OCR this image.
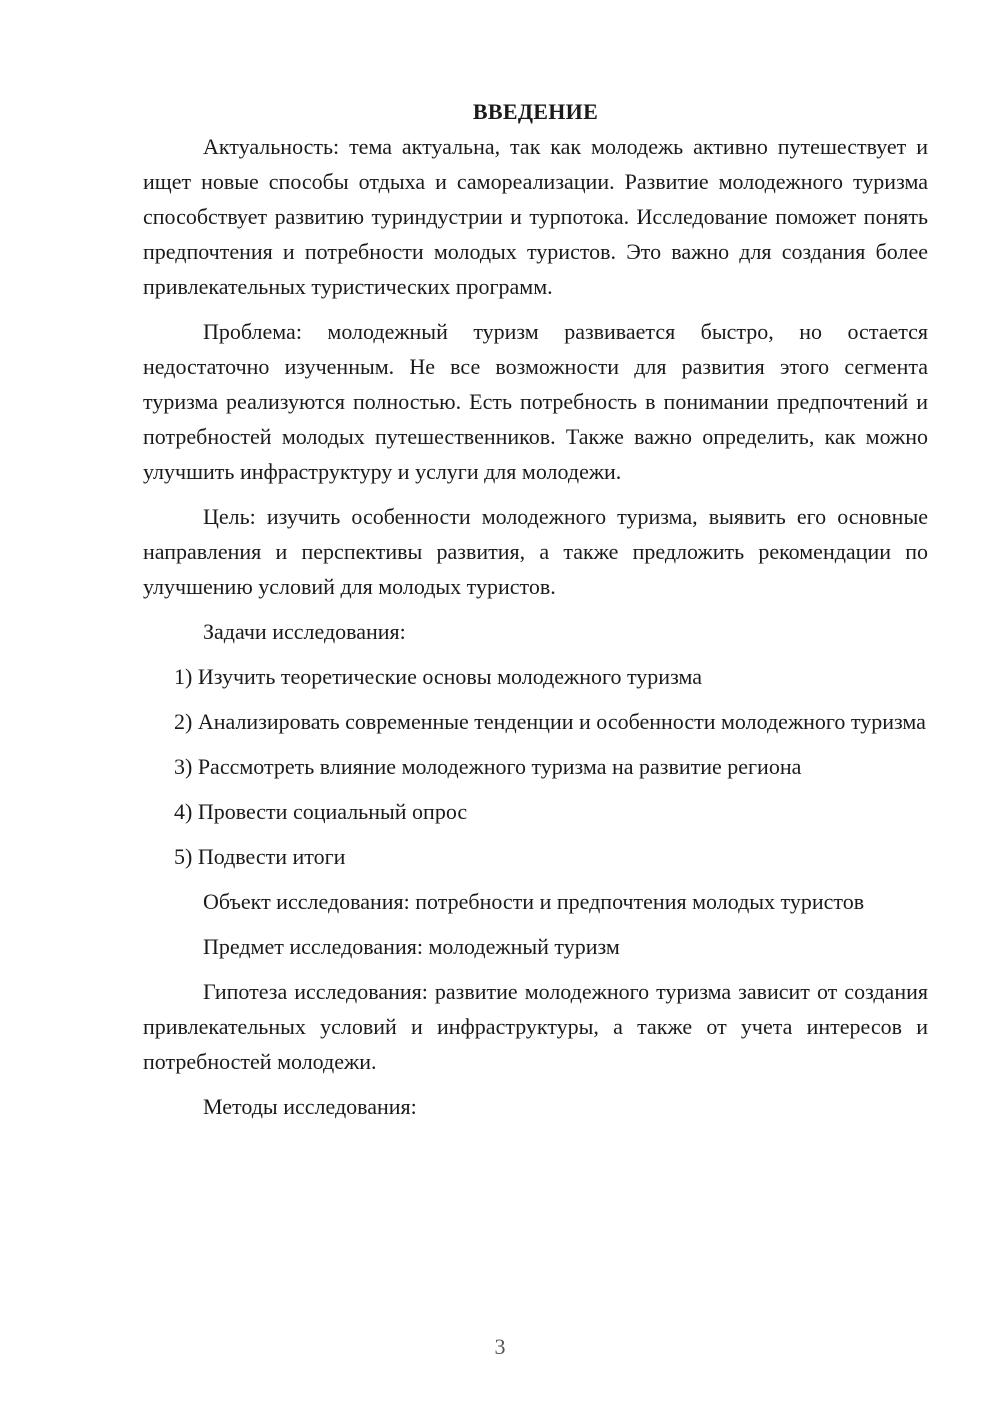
ВВЕДЕНИЕ

Актуальность: тема актуальна, так как молодежь активно путешествует и ищет новые способы отдыха и самореализации. Развитие молодежного туризма способствует развитию туриндустрии и турпотока. Исследование поможет понять предпочтения и потребности молодых туристов. Это важно для создания более привлекательных туристических программ.

Проблема: молодежный туризм развивается быстро, но остается недостаточно изученным. Не все возможности для развития этого сегмента туризма реализуются полностью. Есть потребность в понимании предпочтений и потребностей молодых путешественников. Также важно определить, как можно улучшить инфраструктуру и услуги для молодежи.

Цель: изучить особенности молодежного туризма, выявить его основные направления и перспективы развития, а также предложить рекомендации по улучшению условий для молодых туристов.

Задачи исследования:

1) Изучить теоретические основы молодежного туризма

2) Анализировать современные тенденции и особенности молодежного туризма

3) Рассмотреть влияние молодежного туризма на развитие региона

4) Провести социальный опрос

5) Подвести итоги

Объект исследования: потребности и предпочтения молодых туристов

Предмет исследования: молодежный туризм

Гипотеза исследования: развитие молодежного туризма зависит от создания привлекательных условий и инфраструктуры, а также от учета интересов и потребностей молодежи.

Методы исследования:

3
